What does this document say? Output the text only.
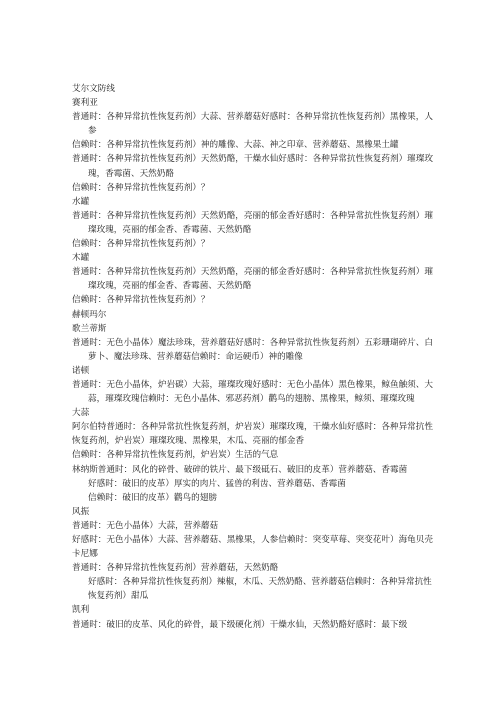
艾尔文防线

赛利亚

普通时：各种异常抗性恢复药剂）大蒜、营养蘑菇好感时：各种异常抗性恢复药剂）黑橡果，人参

信赖时：各种异常抗性恢复药剂）神的雕像、大蒜、神之印章、营养蘑菇、黑橡果土罐

普通时：各种异常抗性恢复药剂）天然奶酪，干燥水仙好感时：各种异常抗性恢复药剂）璀璨玫瑰，香霉菌、天然奶酪

信赖时：各种异常抗性恢复药剂）？

水罐

普通时：各种异常抗性恢复药剂）天然奶酪，亮丽的郁金香好感时：各种异常抗性恢复药剂）璀璨玫瑰，亮丽的郁金香、香霉菌、天然奶酪

信赖时：各种异常抗性恢复药剂）？

木罐

普通时：各种异常抗性恢复药剂）天然奶酪，亮丽的郁金香好感时：各种异常抗性恢复药剂）璀璨玫瑰，亮丽的郁金香、香霉菌、天然奶酪

信赖时：各种异常抗性恢复药剂）？

赫顿玛尔

歌兰蒂斯

普通时：无色小晶体）魔法珍珠，营养蘑菇好感时：各种异常抗性恢复药剂）五彩珊瑚碎片、白萝卜、魔法珍珠、营养蘑菇信赖时：命运硬币）神的雕像

诺顿

普通时：无色小晶体，炉岩碳）大蒜，璀璨玫瑰好感时：无色小晶体）黑色橡果，鲸鱼触须、大蒜，璀璨玫瑰信赖时：无色小晶体、邪恶药剂）鹳鸟的翅膀、黑橡果，鲸须、璀璨玫瑰

大蒜

阿尔伯特普通时：各种异常抗性恢复药剂，炉岩炭）璀璨玫瑰，干燥水仙好感时：各种异常抗性恢复药剂，炉岩炭）璀璨玫瑰、黑橡果，木瓜、亮丽的郁金香

信赖时：各种异常抗性恢复药剂，炉岩炭）生活的气息

林纳斯普通时：风化的碎骨、破碎的铁片、最下级砥石、破旧的皮革）营养蘑菇、香霉菌

好感时：破旧的皮革）厚实的肉片、猛兽的利齿、营养蘑菇、香霉菌

信赖时：破旧的皮革）鹳鸟的翅膀

风振

普通时：无色小晶体）大蒜，营养蘑菇

好感时：无色小晶体）大蒜、营养蘑菇、黑橡果，人参信赖时：突变草莓、突变花叶）海龟贝壳

卡尼娜

普通时：各种异常抗性恢复药剂）营养蘑菇，天然奶酪

好感时：各种异常抗性恢复药剂）辣椒，木瓜、天然奶酪、营养蘑菇信赖时：各种异常抗性恢复药剂）甜瓜

凯利

普通时：破旧的皮革、风化的碎骨，最下级硬化剂）干燥水仙，天然奶酪好感时：最下级
